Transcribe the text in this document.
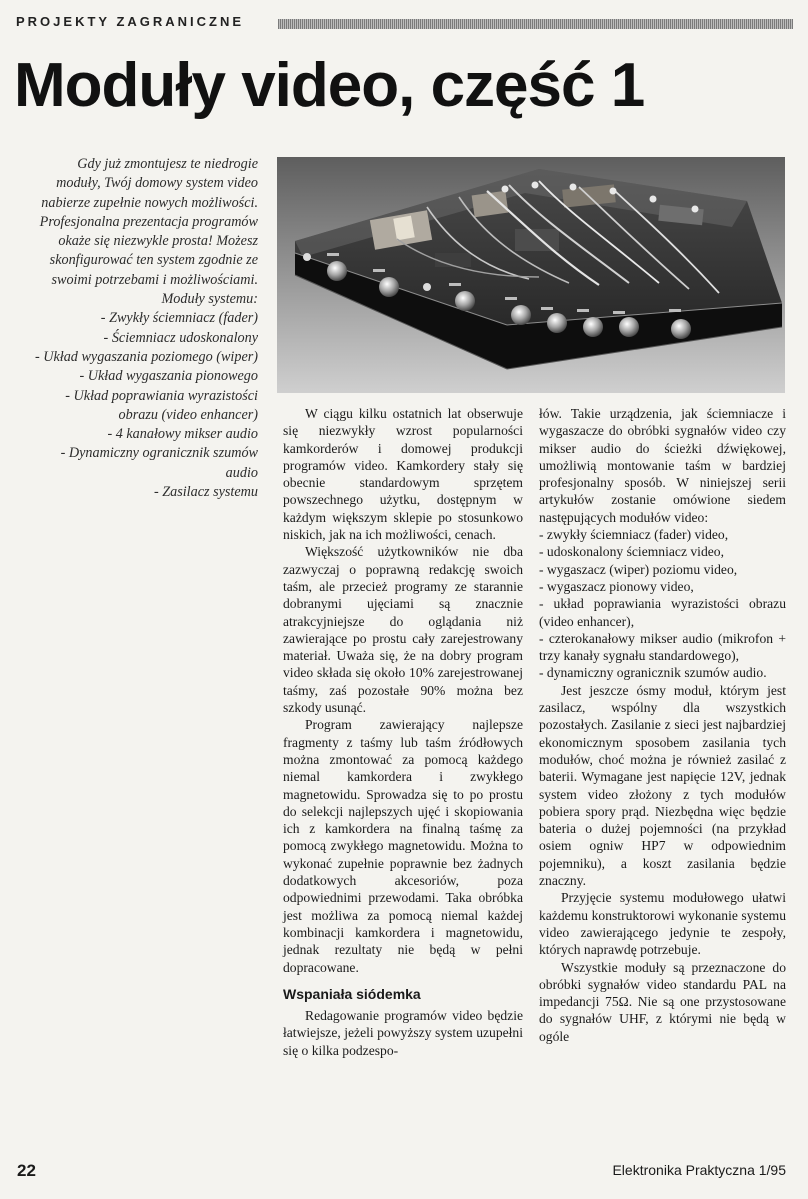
PROJEKTY ZAGRANICZNE
Moduły video, część 1

Gdy już zmontujesz te niedrogie moduły, Twój domowy system video nabierze zupełnie nowych możliwości. Profesjonalna prezentacja programów okaże się niezwykle prosta! Możesz skonfigurować ten system zgodnie ze swoimi potrzebami i możliwościami.

Moduły systemu:

- Zwykły ściemniacz (fader)
- Ściemniacz udoskonalony
- Układ wygaszania poziomego (wiper)
- Układ wygaszania pionowego
- Układ poprawiania wyrazistości obrazu (video enhancer)
- 4 kanałowy mikser audio
- Dynamiczny ogranicznik szumów audio
- Zasilacz systemu

W ciągu kilku ostatnich lat obserwuje się niezwykły wzrost popularności kamkorderów i domowej produkcji programów video. Kamkordery stały się obecnie standardowym sprzętem powszechnego użytku, dostępnym w każdym większym sklepie po stosunkowo niskich, jak na ich możliwości, cenach.

Większość użytkowników nie dba zazwyczaj o poprawną redakcję swoich taśm, ale przecież programy ze starannie dobranymi ujęciami są znacznie atrakcyjniejsze do oglądania niż zawierające po prostu cały zarejestrowany materiał. Uważa się, że na dobry program video składa się około 10% zarejestrowanej taśmy, zaś pozostałe 90% można bez szkody usunąć.

Program zawierający najlepsze fragmenty z taśmy lub taśm źródłowych można zmontować za pomocą każdego niemal kamkordera i zwykłego magnetowidu. Sprowadza się to po prostu do selekcji najlepszych ujęć i skopiowania ich z kamkordera na finalną taśmę za pomocą zwykłego magnetowidu. Można to wykonać zupełnie poprawnie bez żadnych dodatkowych akcesoriów, poza odpowiednimi przewodami. Taka obróbka jest możliwa za pomocą niemal każdej kombinacji kamkordera i magnetowidu, jednak rezultaty nie będą w pełni dopracowane.

Wspaniała siódemka

Redagowanie programów video będzie łatwiejsze, jeżeli powyższy system uzupełni się o kilka podzespo-

łów. Takie urządzenia, jak ściemniacze i wygaszacze do obróbki sygnałów video czy mikser audio do ścieżki dźwiękowej, umożliwią montowanie taśm w bardziej profesjonalny sposób. W niniejszej serii artykułów zostanie omówione siedem następujących modułów video:

- zwykły ściemniacz (fader) video,
- udoskonalony ściemniacz video,
- wygaszacz (wiper) poziomu video,
- wygaszacz pionowy video,
- układ poprawiania wyrazistości obrazu (video enhancer),
- czterokanałowy mikser audio (mikrofon + trzy kanały sygnału standardowego),
- dynamiczny ogranicznik szumów audio.

Jest jeszcze ósmy moduł, którym jest zasilacz, wspólny dla wszystkich pozostałych. Zasilanie z sieci jest najbardziej ekonomicznym sposobem zasilania tych modułów, choć można je również zasilać z baterii. Wymagane jest napięcie 12V, jednak system video złożony z tych modułów pobiera spory prąd. Niezbędna więc będzie bateria o dużej pojemności (na przykład osiem ogniw HP7 w odpowiednim pojemniku), a koszt zasilania będzie znaczny.

Przyjęcie systemu modułowego ułatwi każdemu konstruktorowi wykonanie systemu video zawierającego jedynie te zespoły, których naprawdę potrzebuje.

Wszystkie moduły są przeznaczone do obróbki sygnałów video standardu PAL na impedancji 75Ω. Nie są one przystosowane do sygnałów UHF, z którymi nie będą w ogóle

22	Elektronika Praktyczna 1/95
